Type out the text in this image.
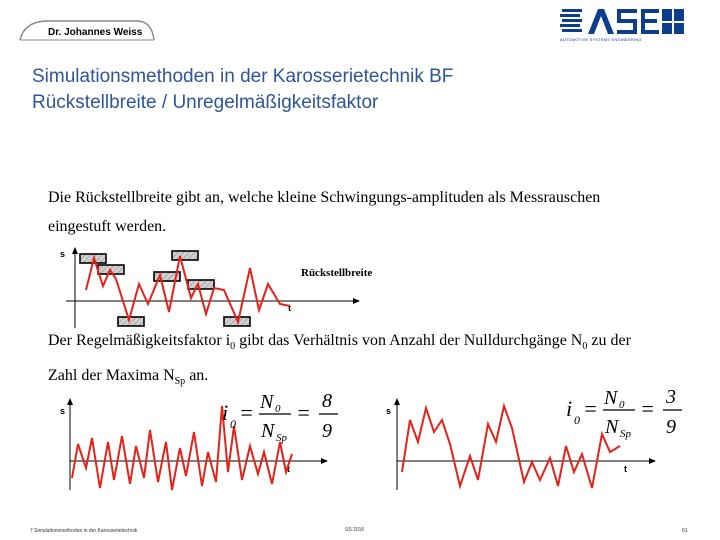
Dr. Johannes Weiss
AUTOMOTIVE SYSTEMS ENGINEERING
Simulationsmethoden in der Karosserietechnik BF
Rückstellbreite / Unregelmäßigkeitsfaktor
Die Rückstellbreite gibt an, welche kleine Schwingungs-amplituden als Messrauschen
eingestuft werden.
s
t
Rückstellbreite
Der Regelmäßigkeitsfaktor $i_0$ gibt das Verhältnis von Anzahl der Nulldurchgänge $N_0$ zu der
Zahl der Maxima $N_{Sp}$ an.
s
t
i 0 = N 0
N Sp
= 8
9
s
t
i 0 = N 0
N Sp
= 3
9
7 Simulationsmethoden in der Karosserietechnik	SS 2016	61
